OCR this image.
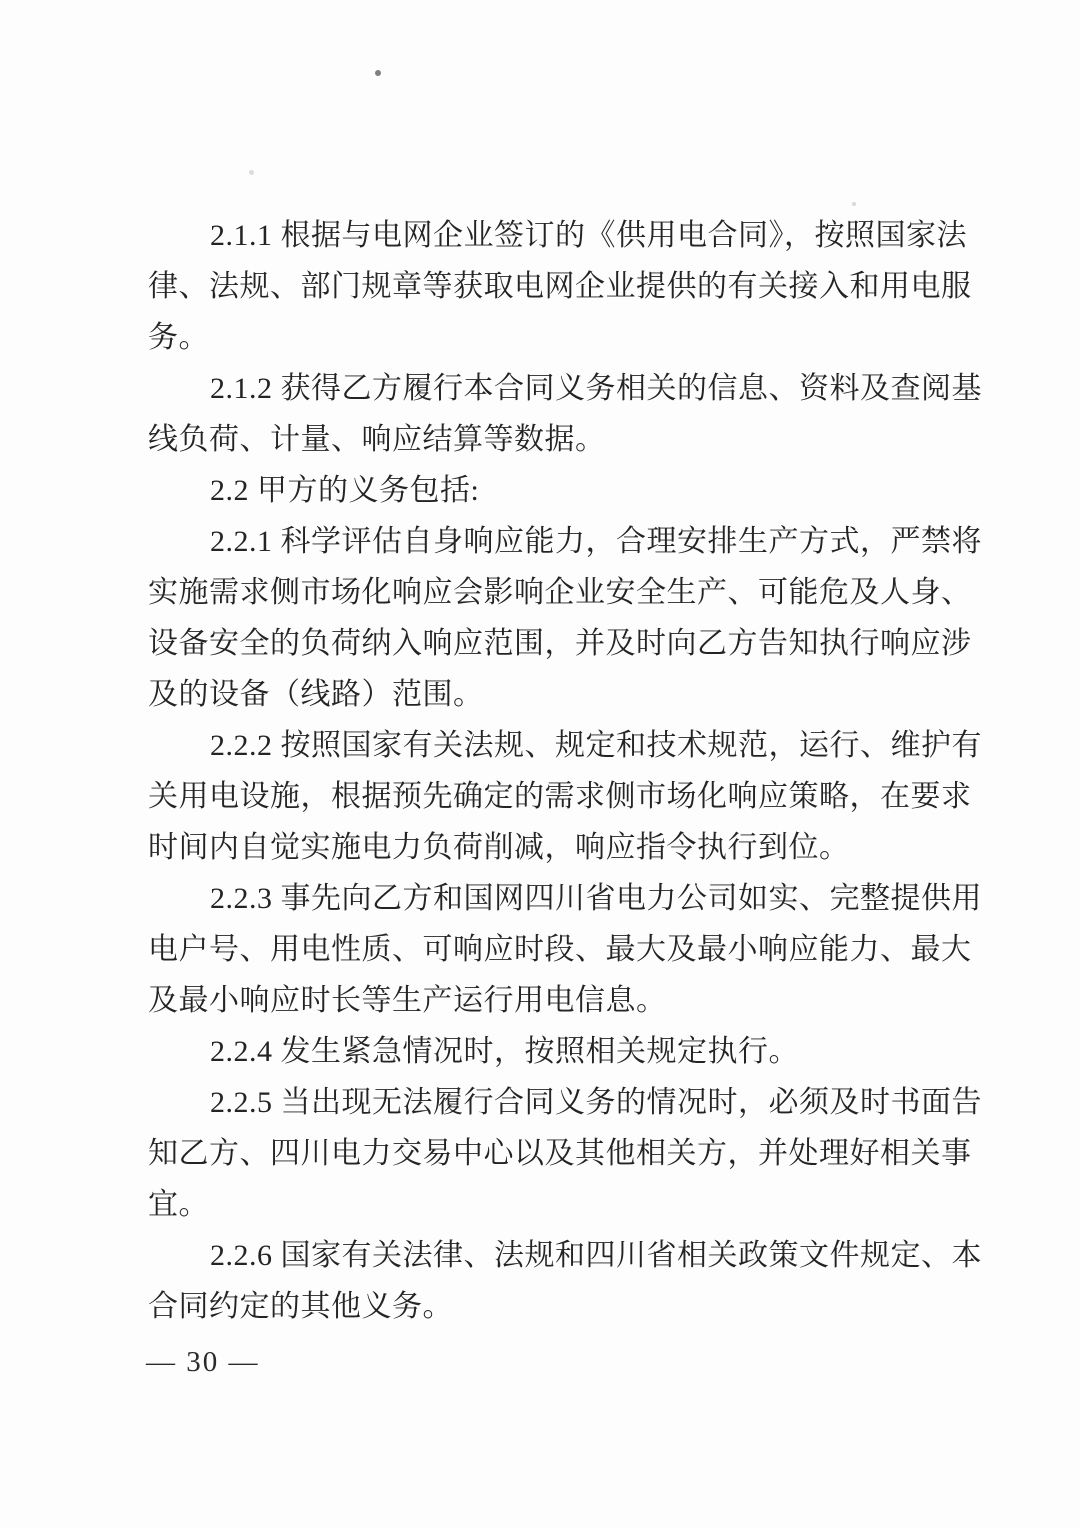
2.1.1 根据与电网企业签订的《供用电合同》，按照国家法
律、法规、部门规章等获取电网企业提供的有关接入和用电服
务。
2.1.2 获得乙方履行本合同义务相关的信息、资料及查阅基
线负荷、计量、响应结算等数据。
2.2 甲方的义务包括:
2.2.1 科学评估自身响应能力，合理安排生产方式，严禁将
实施需求侧市场化响应会影响企业安全生产、可能危及人身、
设备安全的负荷纳入响应范围，并及时向乙方告知执行响应涉
及的设备（线路）范围。
2.2.2 按照国家有关法规、规定和技术规范，运行、维护有
关用电设施，根据预先确定的需求侧市场化响应策略，在要求
时间内自觉实施电力负荷削减，响应指令执行到位。
2.2.3 事先向乙方和国网四川省电力公司如实、完整提供用
电户号、用电性质、可响应时段、最大及最小响应能力、最大
及最小响应时长等生产运行用电信息。
2.2.4 发生紧急情况时，按照相关规定执行。
2.2.5 当出现无法履行合同义务的情况时，必须及时书面告
知乙方、四川电力交易中心以及其他相关方，并处理好相关事
宜。
2.2.6 国家有关法律、法规和四川省相关政策文件规定、本
合同约定的其他义务。
— 30 —
